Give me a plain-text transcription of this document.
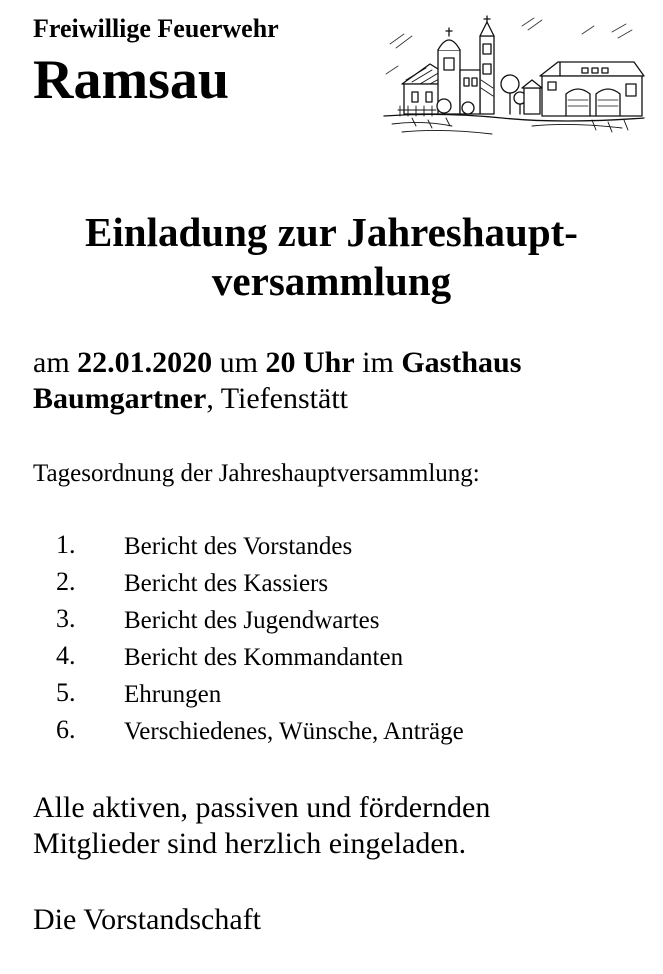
Freiwillige Feuerwehr
Ramsau
Einladung zur Jahreshaupt-
versammlung
am 22.01.2020 um 20 Uhr im Gasthaus
Baumgartner, Tiefenstätt
Tagesordnung der Jahreshauptversammlung:
1. Bericht des Vorstandes
2. Bericht des Kassiers
3. Bericht des Jugendwartes
4. Bericht des Kommandanten
5. Ehrungen
6. Verschiedenes, Wünsche, Anträge
Alle aktiven, passiven und fördernden
Mitglieder sind herzlich eingeladen.
Die Vorstandschaft
